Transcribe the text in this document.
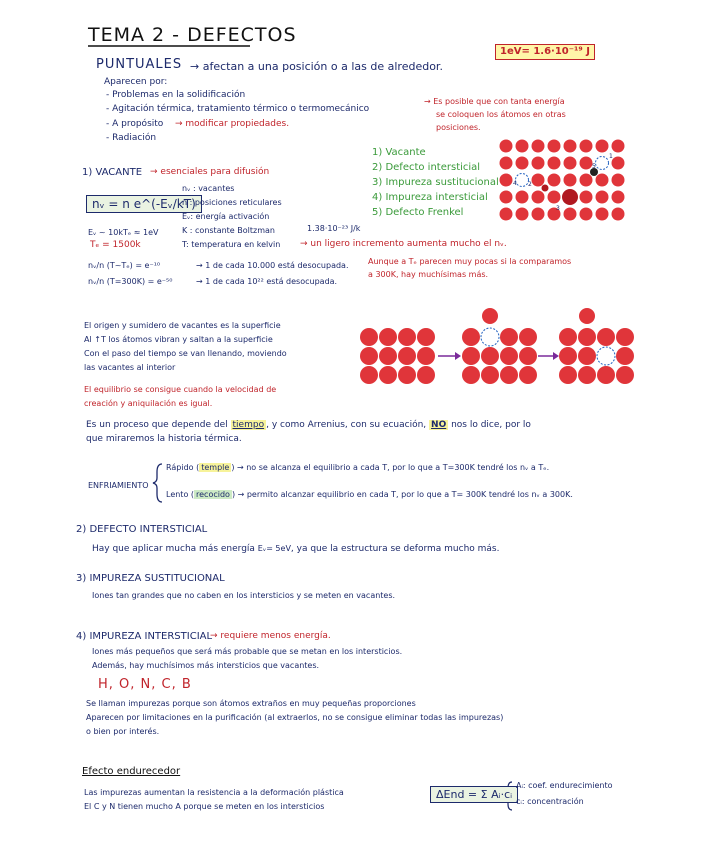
1
2
3
4
5
TEMA 2 - DEFECTOS
1eV= 1.6·10⁻¹⁹ J
PUNTUALES → afectan a una posición o a las de alrededor.
Aparecen por:
- Problemas en la solidificación
- Agitación térmica, tratamiento térmico o termomecánico
- A propósito → modificar propiedades.
- Radiación
→ Es posible que con tanta energía
se coloquen los átomos en otras
posiciones.
1) Vacante
2) Defecto intersticial
3) Impureza sustitucional
4) Impureza intersticial
5) Defecto Frenkel
1) VACANTE → esenciales para difusión
nᵥ = n e^(-Eᵥ/kT)
nᵥ : vacantes
n : posiciones reticulares
Eᵥ: energía activación
K : constante Boltzman	1.38·10⁻²³ J/k
T: temperatura en kelvin → un ligero incremento aumenta mucho el nᵥ.
Eᵥ ~ 10kTₑ ≈ 1eV
Tₑ = 1500k
nᵥ/n (T~Tₑ) = e⁻¹⁰	→ 1 de cada 10.000 está desocupada.
nᵥ/n (T=300K) = e⁻⁵⁰	→ 1 de cada 10²² está desocupada.
Aunque a Tₑ parecen muy pocas si la comparamos
a 300K, hay muchísimas más.
El origen y sumidero de vacantes es la superficie
Al ↑T los átomos vibran y saltan a la superficie
Con el paso del tiempo se van llenando, moviendo
las vacantes al interior
El equilibrio se consigue cuando la velocidad de
creación y aniquilación es igual.
Es un proceso que depende del tiempo , y como Arrenius, con su ecuación, NO nos lo dice, por lo
que miraremos la historia térmica.
ENFRIAMIENTO
Rápido ( temple ) → no se alcanza el equilibrio a cada T, por lo que a T=300K tendré los nᵥ a Tₑ.
Lento ( recocido ) → permito alcanzar equilibrio en cada T, por lo que a T= 300K tendré los nᵥ a 300K.
2) DEFECTO INTERSTICIAL
Hay que aplicar mucha más energía Eᵥ= 5eV, ya que la estructura se deforma mucho más.
3) IMPUREZA SUSTITUCIONAL
Iones tan grandes que no caben en los intersticios y se meten en vacantes.
4) IMPUREZA INTERSTICIAL
→ requiere menos energía.
Iones más pequeños que será más probable que se metan en los intersticios.
Además, hay muchísimos más intersticios que vacantes.
H, O, N, C, B
Se llaman impurezas porque son átomos extraños en muy pequeñas proporciones
Aparecen por limitaciones en la purificación (al extraerlos, no se consigue eliminar todas las impurezas)
o bien por interés.
Efecto endurecedor
Las impurezas aumentan la resistencia a la deformación plástica
El C y N tienen mucho A porque se meten en los intersticios
ΔEnd = Σ Aᵢ·cᵢ
Aᵢ: coef. endurecimiento
cᵢ: concentración
